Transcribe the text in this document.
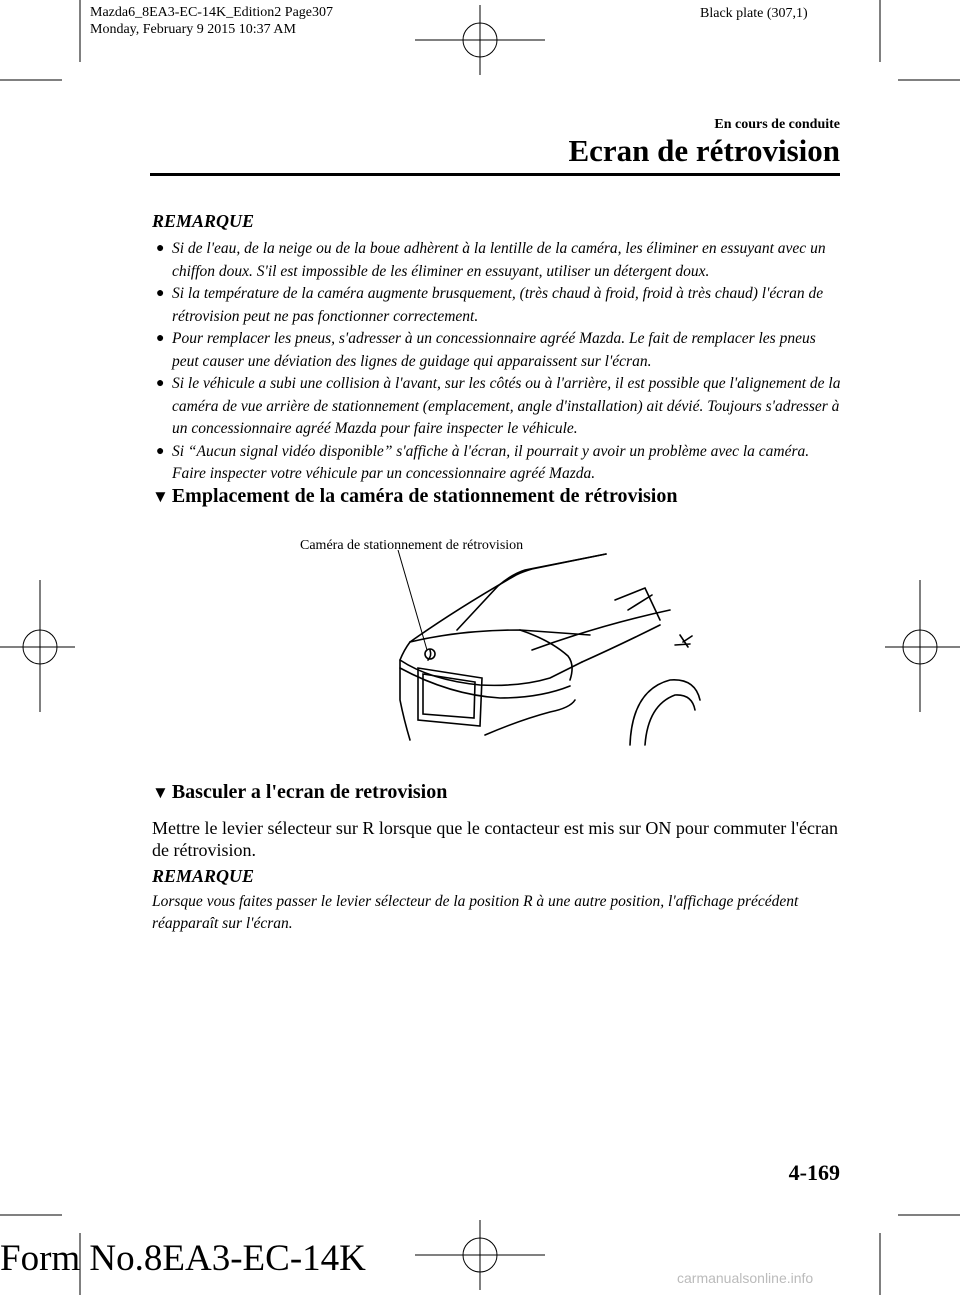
Mazda6_8EA3-EC-14K_Edition2 Page307
Monday, February 9 2015 10:37 AM
Black plate (307,1)
En cours de conduite
Ecran de rétrovision
REMARQUE
● Si de l'eau, de la neige ou de la boue adhèrent à la lentille de la caméra, les éliminer en essuyant avec un chiffon doux. S'il est impossible de les éliminer en essuyant, utiliser un détergent doux.
● Si la température de la caméra augmente brusquement, (très chaud à froid, froid à très chaud) l'écran de rétrovision peut ne pas fonctionner correctement.
● Pour remplacer les pneus, s'adresser à un concessionnaire agréé Mazda. Le fait de remplacer les pneus peut causer une déviation des lignes de guidage qui apparaissent sur l'écran.
● Si le véhicule a subi une collision à l'avant, sur les côtés ou à l'arrière, il est possible que l'alignement de la caméra de vue arrière de stationnement (emplacement, angle d'installation) ait dévié. Toujours s'adresser à un concessionnaire agréé Mazda pour faire inspecter le véhicule.
● Si “Aucun signal vidéo disponible” s'affiche à l'écran, il pourrait y avoir un problème avec la caméra. Faire inspecter votre véhicule par un concessionnaire agréé Mazda.
▼ Emplacement de la caméra de stationnement de rétrovision
Caméra de stationnement de rétrovision
▼ Basculer a l'ecran de retrovision
Mettre le levier sélecteur sur R lorsque que le contacteur est mis sur ON pour commuter l'écran de rétrovision.
REMARQUE
Lorsque vous faites passer le levier sélecteur de la position R à une autre position, l'affichage précédent réapparaît sur l'écran.
4-169
Form No.8EA3-EC-14K	carmanualsonline.info
